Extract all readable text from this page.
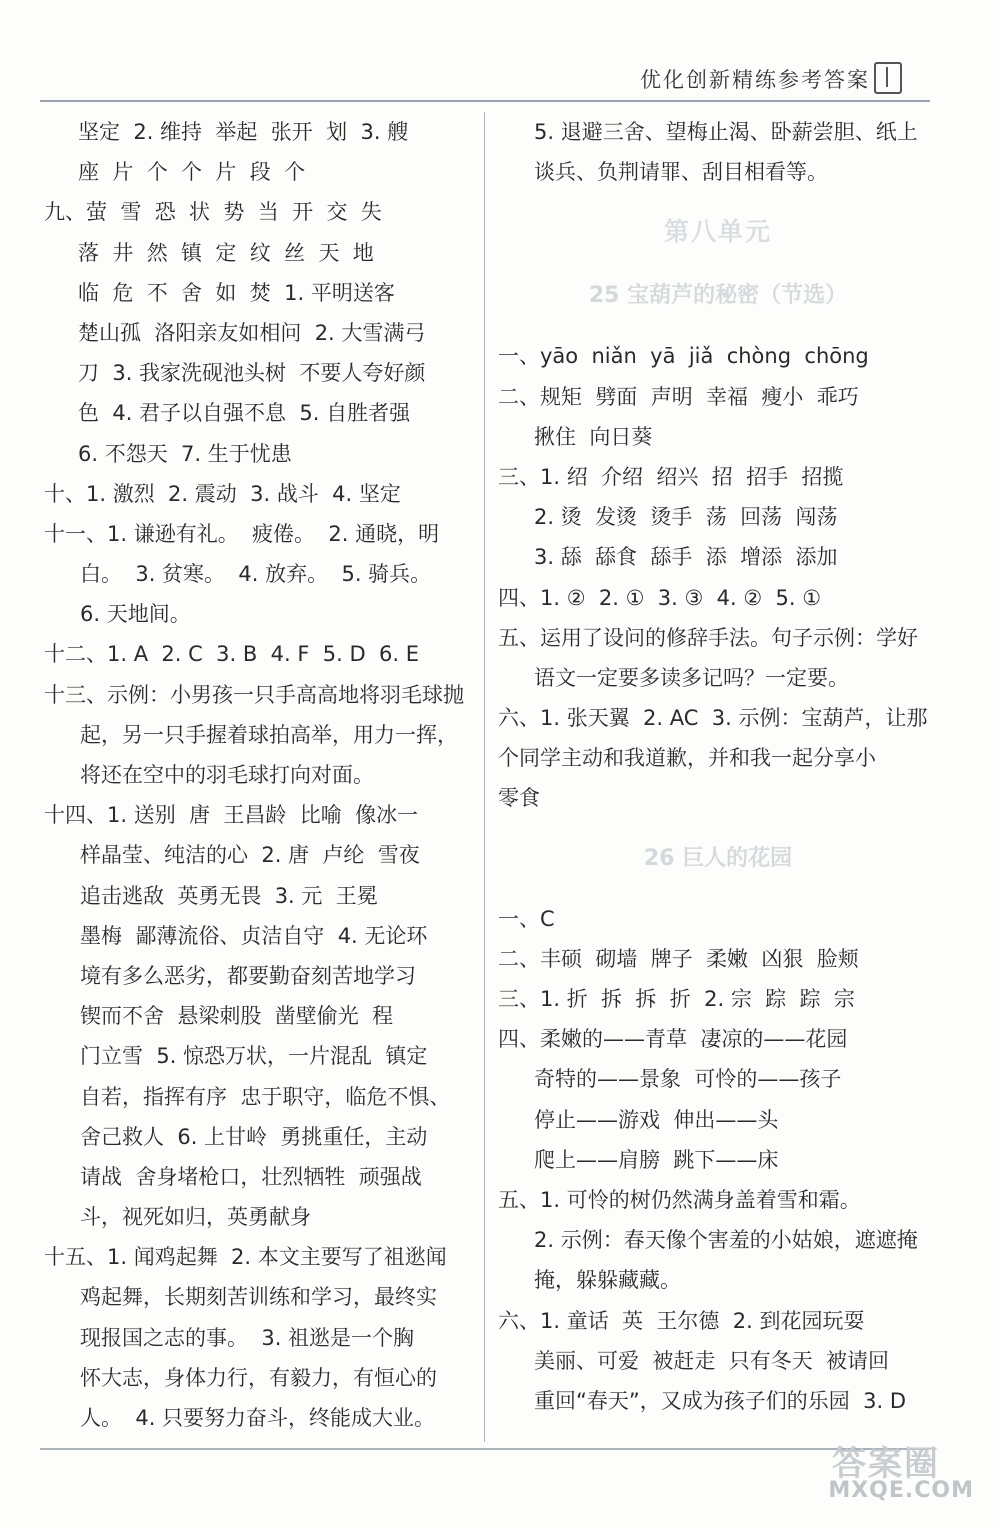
优化创新精练参考答案
坚定  2. 维持  举起  张开  划  3. 艘
座  片  个  个  片  段  个
九、萤  雪  恐  状  势  当  开  交  失
落  井  然  镇  定  纹  丝  天  地
临  危  不  舍  如  焚  1. 平明送客
楚山孤  洛阳亲友如相问  2. 大雪满弓
刀  3. 我家洗砚池头树  不要人夸好颜
色  4. 君子以自强不息  5. 自胜者强
6. 不怨天  7. 生于忧患
十、1. 激烈  2. 震动  3. 战斗  4. 坚定
十一、1. 谦逊有礼。  疲倦。  2. 通晓，明
白。  3. 贫寒。  4. 放弃。  5. 骑兵。
6. 天地间。
十二、1. A  2. C  3. B  4. F  5. D  6. E
十三、示例：小男孩一只手高高地将羽毛球抛
起，另一只手握着球拍高举，用力一挥，
将还在空中的羽毛球打向对面。
十四、1. 送别  唐  王昌龄  比喻  像冰一
样晶莹、纯洁的心  2. 唐  卢纶  雪夜
追击逃敌  英勇无畏  3. 元  王冕
墨梅  鄙薄流俗、贞洁自守  4. 无论环
境有多么恶劣，都要勤奋刻苦地学习
锲而不舍  悬梁刺股  凿壁偷光  程
门立雪  5. 惊恐万状，一片混乱  镇定
自若，指挥有序  忠于职守，临危不惧、
舍己救人  6. 上甘岭  勇挑重任，主动
请战  舍身堵枪口，壮烈牺牲  顽强战
斗，视死如归，英勇献身
十五、1. 闻鸡起舞  2. 本文主要写了祖逖闻
鸡起舞，长期刻苦训练和学习，最终实
现报国之志的事。  3. 祖逖是一个胸
怀大志，身体力行，有毅力，有恒心的
人。  4. 只要努力奋斗，终能成大业。
5. 退避三舍、望梅止渴、卧薪尝胆、纸上
谈兵、负荆请罪、刮目相看等。
第八单元
25 宝葫芦的秘密（节选）
一、yāo  niǎn  yā  jiǎ  chòng  chōng
二、规矩  劈面  声明  幸福  瘦小  乖巧
揪住  向日葵
三、1. 绍  介绍  绍兴  招  招手  招揽
2. 烫  发烫  烫手  荡  回荡  闯荡
3. 舔  舔食  舔手  添  增添  添加
四、1. ②  2. ①  3. ③  4. ②  5. ①
五、运用了设问的修辞手法。句子示例：学好
语文一定要多读多记吗？一定要。
六、1. 张天翼  2. AC  3. 示例：宝葫芦，让那
个同学主动和我道歉，并和我一起分享小
零食
26 巨人的花园
一、C
二、丰硕  砌墙  牌子  柔嫩  凶狠  脸颊
三、1. 折  拆  拆  折  2. 宗  踪  踪  宗
四、柔嫩的——青草  凄凉的——花园
奇特的——景象  可怜的——孩子
停止——游戏  伸出——头
爬上——肩膀  跳下——床
五、1. 可怜的树仍然满身盖着雪和霜。
2. 示例：春天像个害羞的小姑娘，遮遮掩
掩，躲躲藏藏。
六、1. 童话  英  王尔德  2. 到花园玩耍
美丽、可爱  被赶走  只有冬天  被请回
重回“春天”，又成为孩子们的乐园  3. D
答案圈
MXQE.COM
